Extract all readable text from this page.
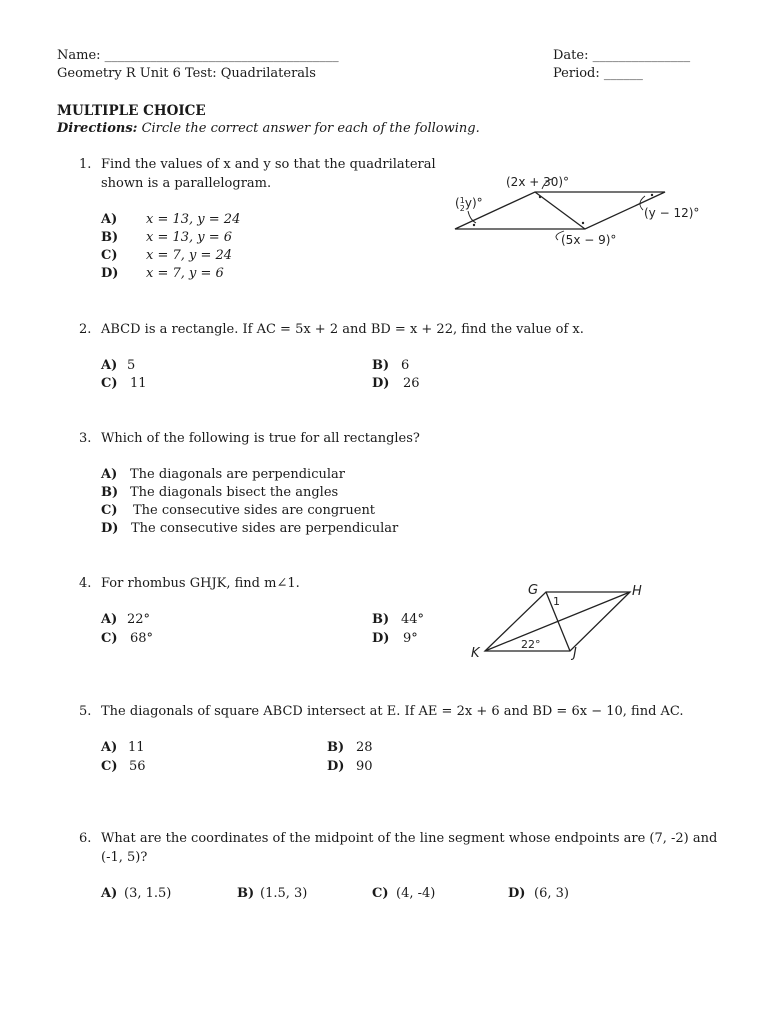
Name: ____________________________________	Date: _______________
Geometry R Unit 6 Test: Quadrilaterals	Period: ______
MULTIPLE CHOICE
Directions: Circle the correct answer for each of the following.
1. Find the values of x and y so that the quadrilateral
shown is a parallelogram.
A) x = 13, y = 24
B) x = 13, y = 6
C) x = 7, y = 24
D) x = 7, y = 6
(2x + 30)°
($^1$ 2y)°
(y − 12)°
(5x − 9)°
2. ABCD is a rectangle. If AC = 5x + 2 and BD = x + 22, find the value of x.
A) 5	B) 6
C) 11	D) 26
3. Which of the following is true for all rectangles?
A) The diagonals are perpendicular
B) The diagonals bisect the angles
C) The consecutive sides are congruent
D) The consecutive sides are perpendicular
4. For rhombus GHJK, find m∠1.
A) 22°	B) 44°
C) 68°	D) 9°
G	H
K	J
1
22°
5. The diagonals of square ABCD intersect at E. If AE = 2x + 6 and BD = 6x − 10, find AC.
A) 11	B) 28
C) 56	D) 90
6. What are the coordinates of the midpoint of the line segment whose endpoints are (7, -2) and
(-1, 5)?
A) (3, 1.5)	B) (1.5, 3)	C) (4, -4)	D) (6, 3)
